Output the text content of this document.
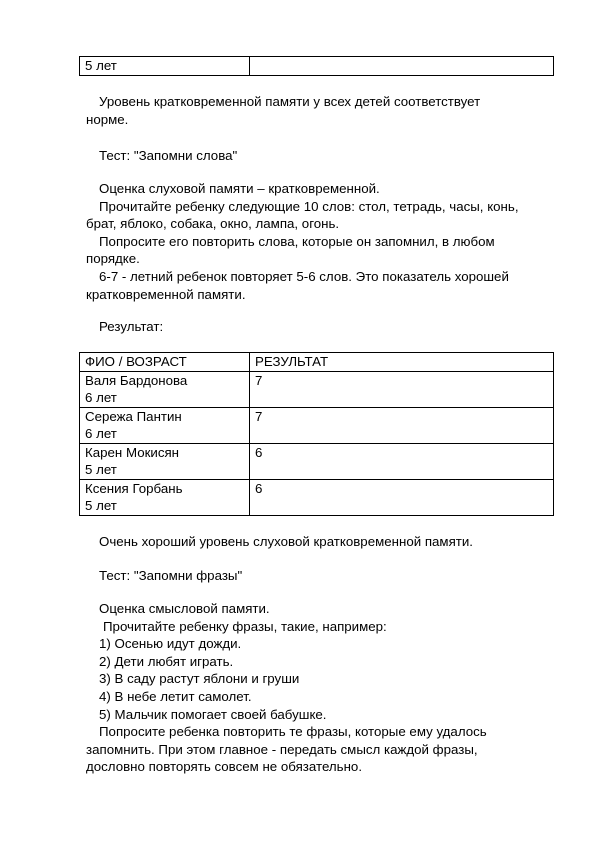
5 лет	

Уровень кратковременной памяти у всех детей соответствует
норме.

Тест: "Запомни слова"

Оценка слуховой памяти – кратковременной.
Прочитайте ребенку следующие 10 слов: стол, тетрадь, часы, конь,
брат, яблоко, собака, окно, лампа, огонь.
Попросите его повторить слова, которые он запомнил, в любом
порядке.
6-7 - летний ребенок повторяет 5-6 слов. Это показатель хорошей
кратковременной памяти.

Результат:

ФИО / ВОЗРАСТ	РЕЗУЛЬТАТ

Валя Бардонова
6 лет	7

Сережа Пантин
6 лет	7

Карен Мокисян
5 лет	6

Ксения Горбань
5 лет	6

Очень хороший уровень слуховой кратковременной памяти.

Тест: "Запомни фразы"

Оценка смысловой памяти.
Прочитайте ребенку фразы, такие, например:
1) Осенью идут дожди.
2) Дети любят играть.
3) В саду растут яблони и груши
4) В небе летит самолет.
5) Мальчик помогает своей бабушке.
Попросите ребенка повторить те фразы, которые ему удалось
запомнить. При этом главное - передать смысл каждой фразы,
дословно повторять совсем не обязательно.
